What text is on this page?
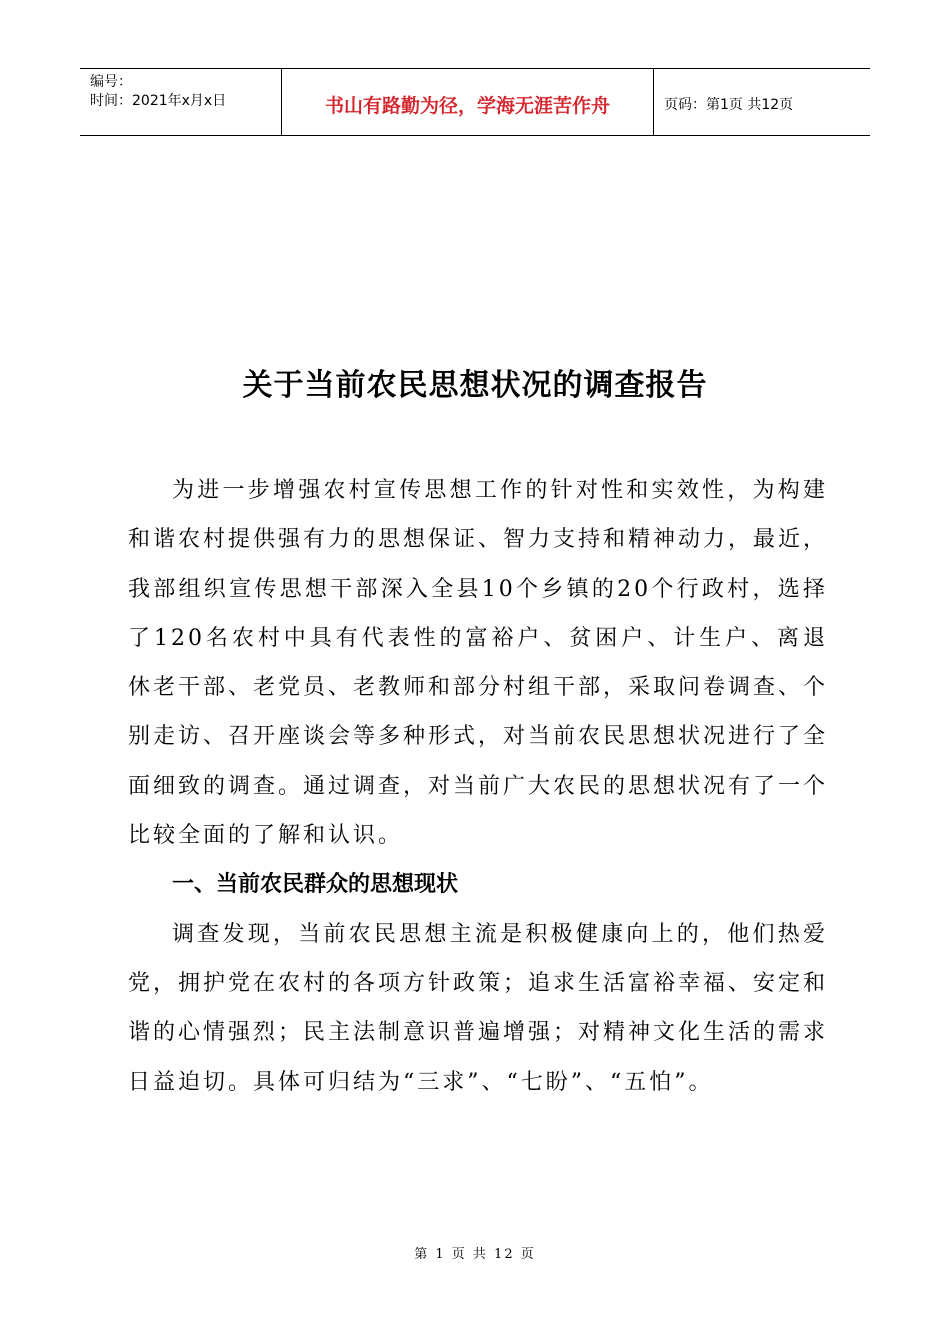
编号：
时间：2021年x月x日	书山有路勤为径，学海无涯苦作舟	页码：第1页 共12页
关于当前农民思想状况的调查报告

为进一步增强农村宣传思想工作的针对性和实效性，为构建和谐农村提供强有力的思想保证、智力支持和精神动力，最近，我部组织宣传思想干部深入全县10个乡镇的20个行政村，选择了120名农村中具有代表性的富裕户、贫困户、计生户、离退休老干部、老党员、老教师和部分村组干部，采取问卷调查、个别走访、召开座谈会等多种形式，对当前农民思想状况进行了全面细致的调查。通过调查，对当前广大农民的思想状况有了一个比较全面的了解和认识。

一、当前农民群众的思想现状

调查发现，当前农民思想主流是积极健康向上的，他们热爱党，拥护党在农村的各项方针政策；追求生活富裕幸福、安定和谐的心情强烈；民主法制意识普遍增强；对精神文化生活的需求日益迫切。具体可归结为“三求”、“七盼”、“五怕”。

第 1 页 共 12 页
